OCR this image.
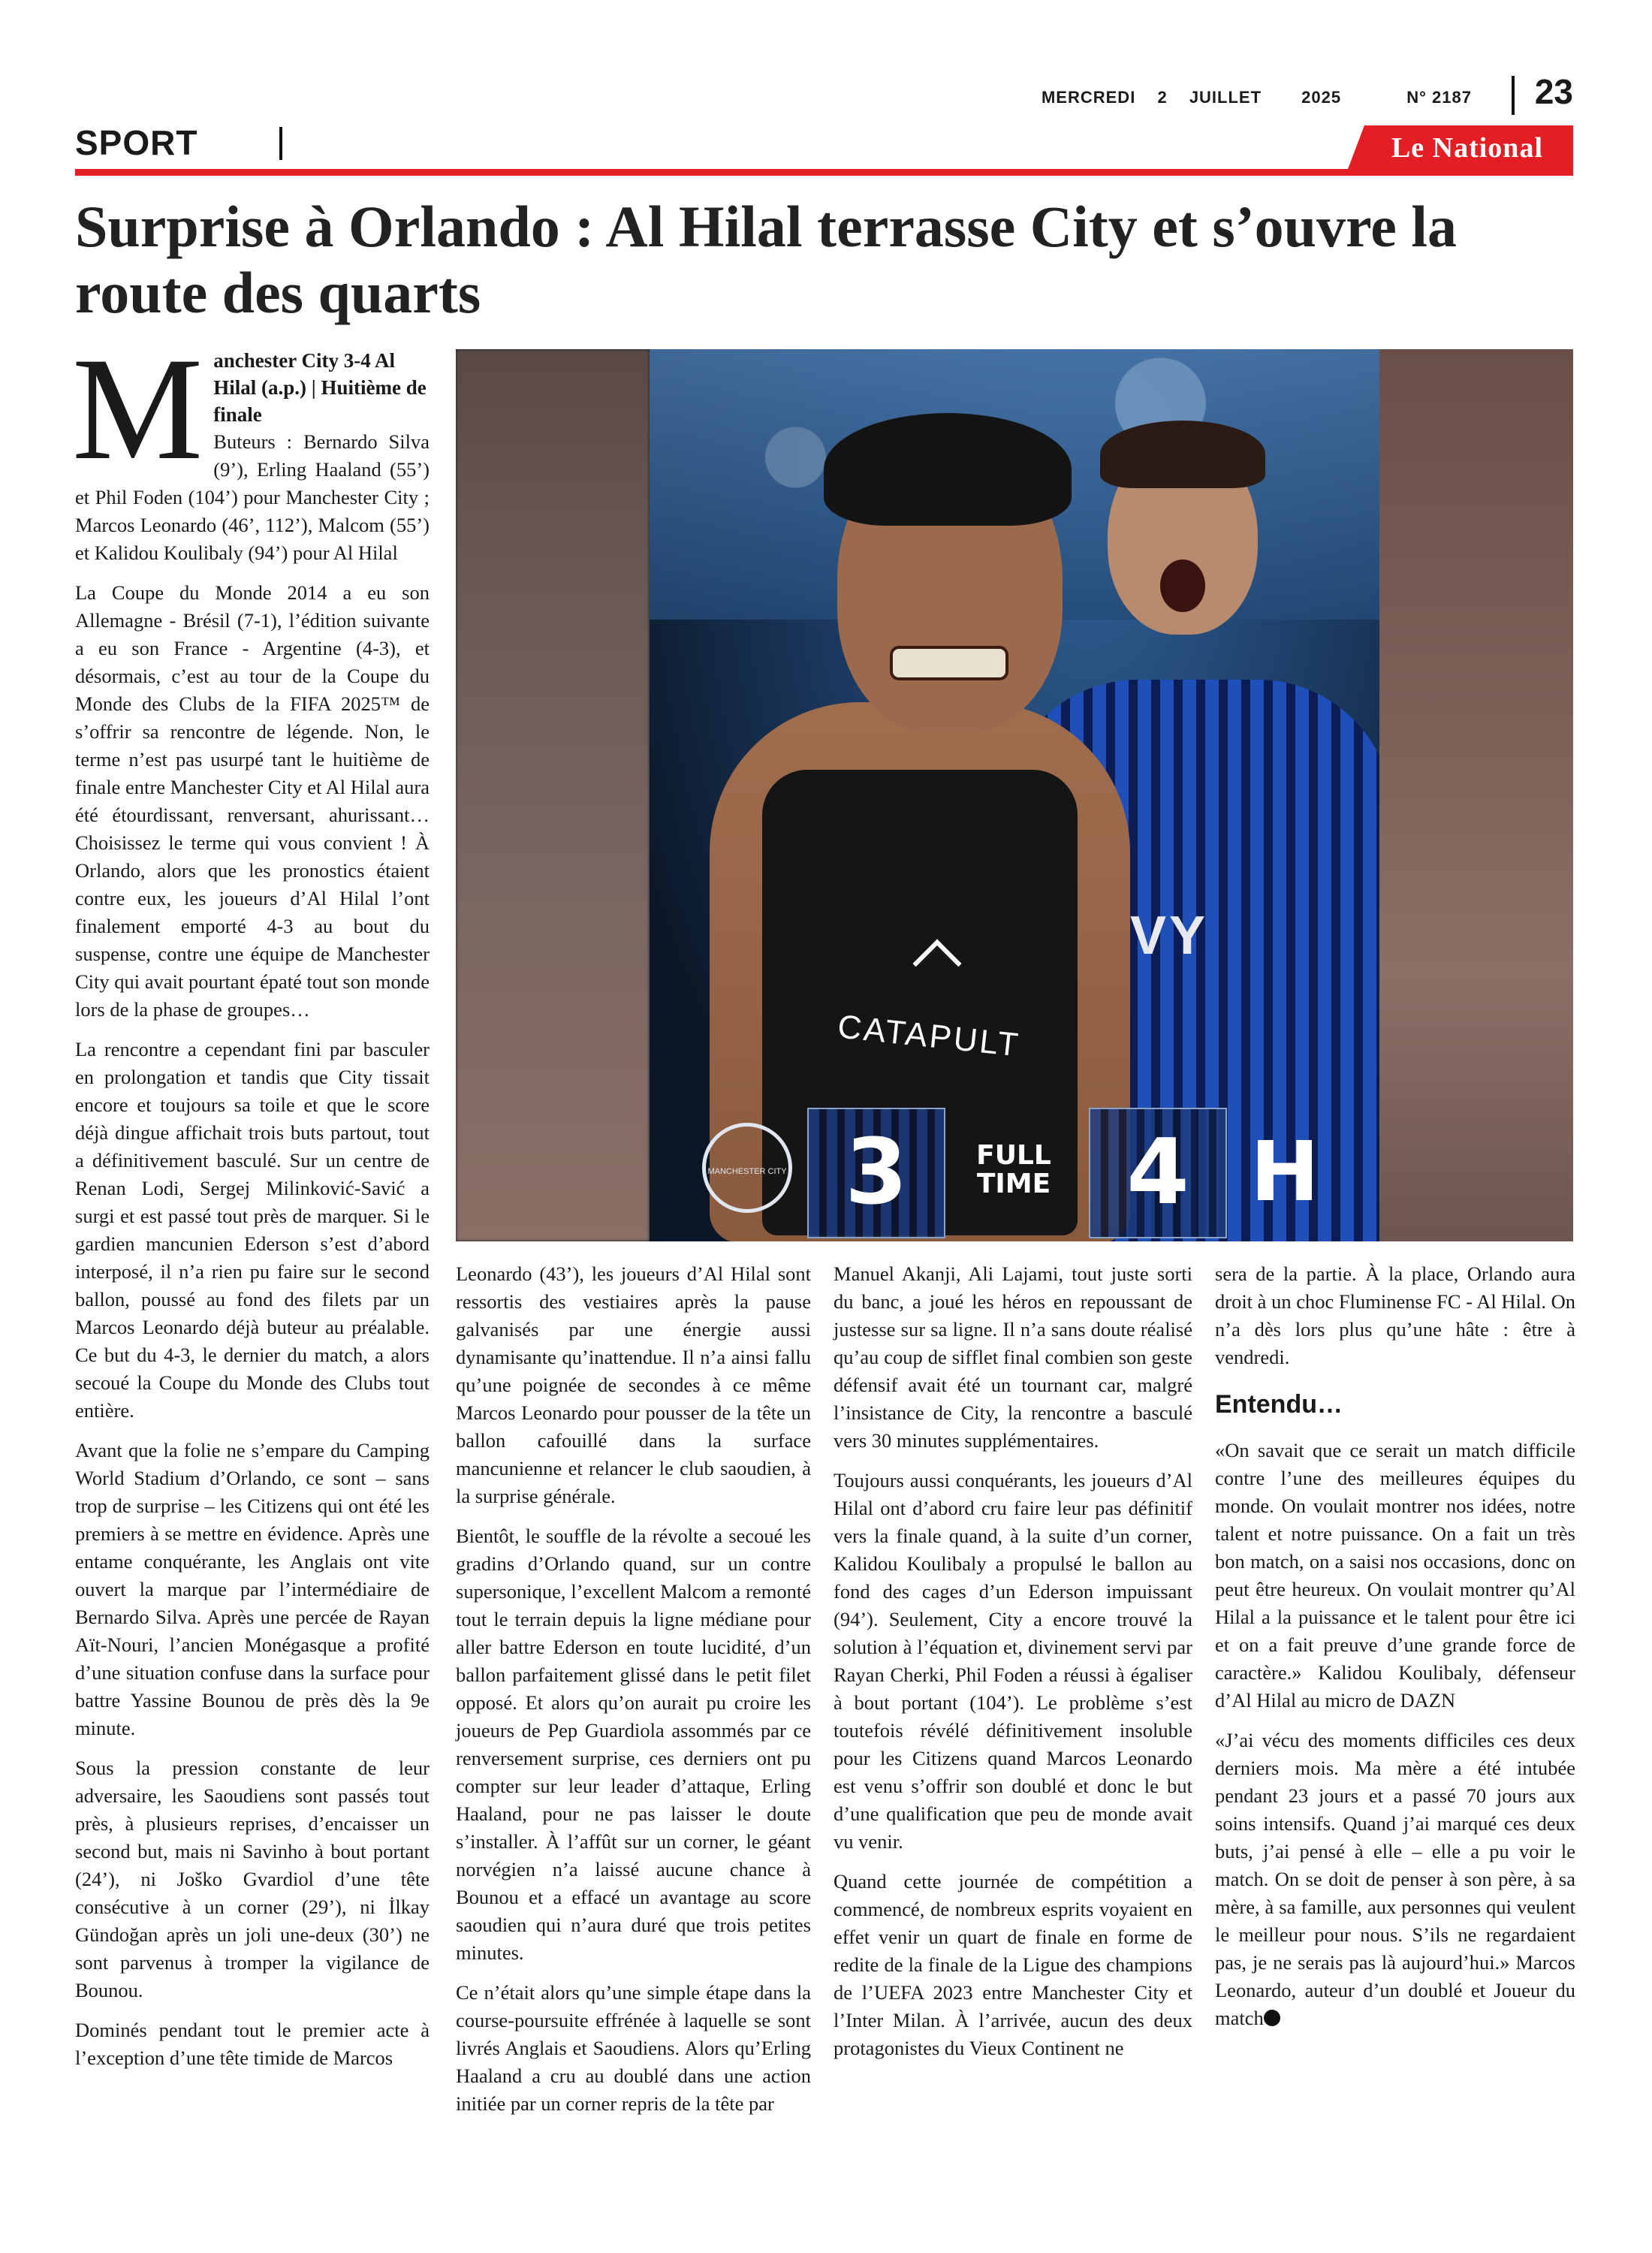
MERCREDI 2 JUILLET 2025	N° 2187 23
SPORT	Le National
Surprise à Orlando : Al Hilal terrasse City et s’ouvre la route des quarts

M anchester City 3-4 Al Hilal (a.p.) | Huitième de finale
Buteurs : Bernardo Silva (9’), Erling Haaland (55’) et Phil Foden (104’) pour Manchester City ; Marcos Leonardo (46’, 112’), Malcom (55’) et Kalidou Koulibaly (94’) pour Al Hilal

La Coupe du Monde 2014 a eu son Allemagne - Brésil (7-1), l’édition suivante a eu son France - Argentine (4-3), et désormais, c’est au tour de la Coupe du Monde des Clubs de la FIFA 2025™ de s’offrir sa rencontre de légende. Non, le terme n’est pas usurpé tant le huitième de finale entre Manchester City et Al Hilal aura été étourdissant, renversant, ahurissant… Choisissez le terme qui vous convient ! À Orlando, alors que les pronostics étaient contre eux, les joueurs d’Al Hilal l’ont finalement emporté 4-3 au bout du suspense, contre une équipe de Manchester City qui avait pourtant épaté tout son monde lors de la phase de groupes…

La rencontre a cependant fini par basculer en prolongation et tandis que City tissait encore et toujours sa toile et que le score déjà dingue affichait trois buts partout, tout a définitivement basculé. Sur un centre de Renan Lodi, Sergej Milinković-Savić a surgi et est passé tout près de marquer. Si le gardien mancunien Ederson s’est d’abord interposé, il n’a rien pu faire sur le second ballon, poussé au fond des filets par un Marcos Leonardo déjà buteur au préalable. Ce but du 4-3, le dernier du match, a alors secoué la Coupe du Monde des Clubs tout entière.

Avant que la folie ne s’empare du Camping World Stadium d’Orlando, ce sont – sans trop de surprise – les Citizens qui ont été les premiers à se mettre en évidence. Après une entame conquérante, les Anglais ont vite ouvert la marque par l’intermédiaire de Bernardo Silva. Après une percée de Rayan Aït-Nouri, l’ancien Monégasque a profité d’une situation confuse dans la surface pour battre Yassine Bounou de près dès la 9e minute.

Sous la pression constante de leur adversaire, les Saoudiens sont passés tout près, à plusieurs reprises, d’encaisser un second but, mais ni Savinho à bout portant (24’), ni Joško Gvardiol d’une tête consécutive à un corner (29’), ni İlkay Gündoğan après un joli une-deux (30’) ne sont parvenus à tromper la vigilance de Bounou.

Dominés pendant tout le premier acte à l’exception d’une tête timide de Marcos

VY
CATAPULT
MANCHESTER CITY 3	FULL
TIME 4 H

Leonardo (43’), les joueurs d’Al Hilal sont ressortis des vestiaires après la pause galvanisés par une énergie aussi dynamisante qu’inattendue. Il n’a ainsi fallu qu’une poignée de secondes à ce même Marcos Leonardo pour pousser de la tête un ballon cafouillé dans la surface mancunienne et relancer le club saoudien, à la surprise générale.

Bientôt, le souffle de la révolte a secoué les gradins d’Orlando quand, sur un contre supersonique, l’excellent Malcom a remonté tout le terrain depuis la ligne médiane pour aller battre Ederson en toute lucidité, d’un ballon parfaitement glissé dans le petit filet opposé. Et alors qu’on aurait pu croire les joueurs de Pep Guardiola assommés par ce renversement surprise, ces derniers ont pu compter sur leur leader d’attaque, Erling Haaland, pour ne pas laisser le doute s’installer. À l’affût sur un corner, le géant norvégien n’a laissé aucune chance à Bounou et a effacé un avantage au score saoudien qui n’aura duré que trois petites minutes.

Ce n’était alors qu’une simple étape dans la course-poursuite effrénée à laquelle se sont livrés Anglais et Saoudiens. Alors qu’Erling Haaland a cru au doublé dans une action initiée par un corner repris de la tête par

Manuel Akanji, Ali Lajami, tout juste sorti du banc, a joué les héros en repoussant de justesse sur sa ligne. Il n’a sans doute réalisé qu’au coup de sifflet final combien son geste défensif avait été un tournant car, malgré l’insistance de City, la rencontre a basculé vers 30 minutes supplémentaires.

Toujours aussi conquérants, les joueurs d’Al Hilal ont d’abord cru faire leur pas définitif vers la finale quand, à la suite d’un corner, Kalidou Koulibaly a propulsé le ballon au fond des cages d’un Ederson impuissant (94’). Seulement, City a encore trouvé la solution à l’équation et, divinement servi par Rayan Cherki, Phil Foden a réussi à égaliser à bout portant (104’). Le problème s’est toutefois révélé définitivement insoluble pour les Citizens quand Marcos Leonardo est venu s’offrir son doublé et donc le but d’une qualification que peu de monde avait vu venir.

Quand cette journée de compétition a commencé, de nombreux esprits voyaient en effet venir un quart de finale en forme de redite de la finale de la Ligue des champions de l’UEFA 2023 entre Manchester City et l’Inter Milan. À l’arrivée, aucun des deux protagonistes du Vieux Continent ne

sera de la partie. À la place, Orlando aura droit à un choc Fluminense FC - Al Hilal. On n’a dès lors plus qu’une hâte : être à vendredi.

Entendu…

«On savait que ce serait un match difficile contre l’une des meilleures équipes du monde. On voulait montrer nos idées, notre talent et notre puissance. On a fait un très bon match, on a saisi nos occasions, donc on peut être heureux. On voulait montrer qu’Al Hilal a la puissance et le talent pour être ici et on a fait preuve d’une grande force de caractère.» Kalidou Koulibaly, défenseur d’Al Hilal au micro de DAZN

«J’ai vécu des moments difficiles ces deux derniers mois. Ma mère a été intubée pendant 23 jours et a passé 70 jours aux soins intensifs. Quand j’ai marqué ces deux buts, j’ai pensé à elle – elle a pu voir le match. On se doit de penser à son père, à sa mère, à sa famille, aux personnes qui veulent le meilleur pour nous. S’ils ne regardaient pas, je ne serais pas là aujourd’hui.» Marcos Leonardo, auteur d’un doublé et Joueur du match
